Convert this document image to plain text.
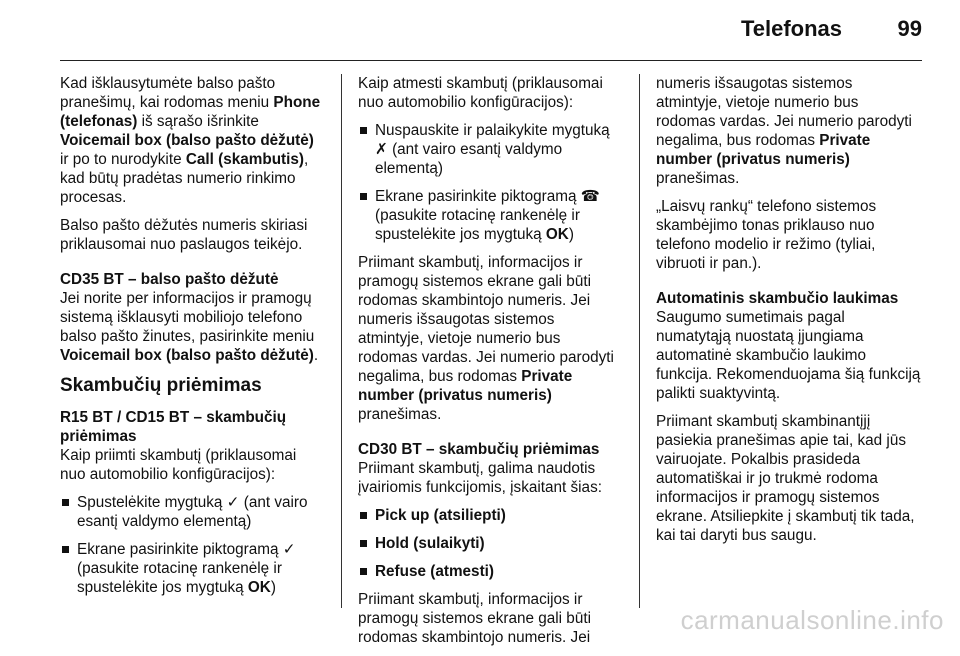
Telefonas	99

Kad išklausytumėte balso pašto pranešimų, kai rodomas meniu Phone (telefonas) iš sąrašo išrinkite Voicemail box (balso pašto dėžutė) ir po to nurodykite Call (skambutis), kad būtų pradėtas numerio rinkimo procesas.

Balso pašto dėžutės numeris skiriasi priklausomai nuo paslaugos teikėjo.

CD35 BT – balso pašto dėžutė

Jei norite per informacijos ir pramogų sistemą išklausyti mobiliojo telefono balso pašto žinutes, pasirinkite meniu Voicemail box (balso pašto dėžutė).

Skambučių priėmimas

R15 BT / CD15 BT – skambučių priėmimas

Kaip priimti skambutį (priklausomai nuo automobilio konfigūracijos):

Spustelėkite mygtuką ✓ (ant vairo esantį valdymo elementą)
Ekrane pasirinkite piktogramą ✓ (pasukite rotacinę rankenėlę ir spustelėkite jos mygtuką OK)

Kaip atmesti skambutį (priklausomai nuo automobilio konfigūracijos):

Nuspauskite ir palaikykite mygtuką ✗ (ant vairo esantį valdymo elementą)
Ekrane pasirinkite piktogramą ☎ (pasukite rotacinę rankenėlę ir spustelėkite jos mygtuką OK)

Priimant skambutį, informacijos ir pramogų sistemos ekrane gali būti rodomas skambintojo numeris. Jei numeris išsaugotas sistemos atmintyje, vietoje numerio bus rodomas vardas. Jei numerio parodyti negalima, bus rodomas Private number (privatus numeris) pranešimas.

CD30 BT – skambučių priėmimas

Priimant skambutį, galima naudotis įvairiomis funkcijomis, įskaitant šias:

Pick up (atsiliepti)
Hold (sulaikyti)
Refuse (atmesti)

Priimant skambutį, informacijos ir pramogų sistemos ekrane gali būti rodomas skambintojo numeris. Jei

numeris išsaugotas sistemos atmintyje, vietoje numerio bus rodomas vardas. Jei numerio parodyti negalima, bus rodomas Private number (privatus numeris) pranešimas.

„Laisvų rankų“ telefono sistemos skambėjimo tonas priklauso nuo telefono modelio ir režimo (tyliai, vibruoti ir pan.).

Automatinis skambučio laukimas

Saugumo sumetimais pagal numatytąją nuostatą įjungiama automatinė skambučio laukimo funkcija. Rekomenduojama šią funkciją palikti suaktyvintą.

Priimant skambutį skambinantįjį pasiekia pranešimas apie tai, kad jūs vairuojate. Pokalbis prasideda automatiškai ir jo trukmė rodoma informacijos ir pramogų sistemos ekrane. Atsiliepkite į skambutį tik tada, kai tai daryti bus saugu.

carmanualsonline.info
